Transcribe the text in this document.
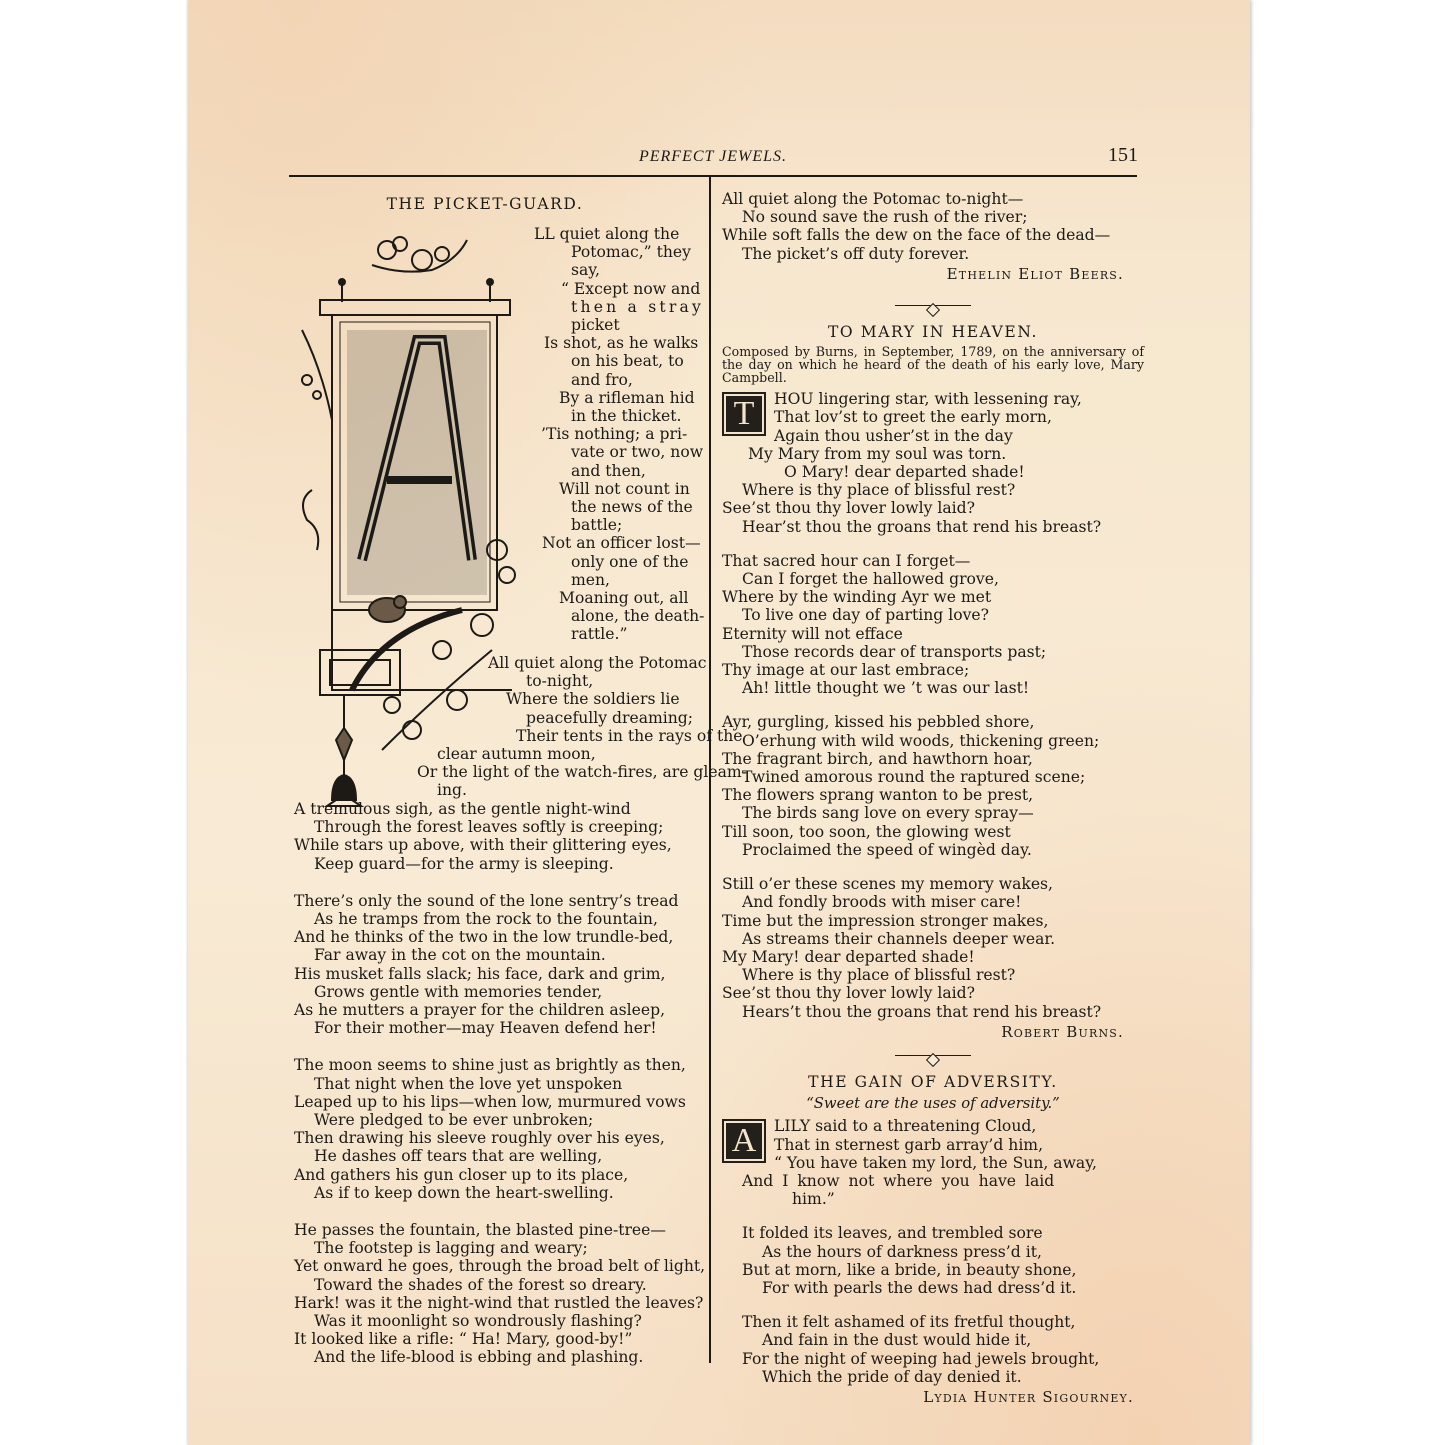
PERFECT JEWELS.	151
THE PICKET-GUARD.
LL quiet along the
Potomac,” they
say,
“ Except now and
then a stray
picket
Is shot, as he walks
on his beat, to
and fro,
By a rifleman hid
in the thicket.
’Tis nothing; a pri-
vate or two, now
and then,
Will not count in
the news of the
battle;
Not an officer lost—
only one of the
men,
Moaning out, all
alone, the death-
rattle.”
All quiet along the Potomac
to-night,
Where the soldiers lie
peacefully dreaming;
Their tents in the rays of the
clear autumn moon,
Or the light of the watch-fires, are gleam-
ing.
A tremulous sigh, as the gentle night-wind
Through the forest leaves softly is creeping;
While stars up above, with their glittering eyes,
Keep guard—for the army is sleeping.
There’s only the sound of the lone sentry’s tread
As he tramps from the rock to the fountain,
And he thinks of the two in the low trundle-bed,
Far away in the cot on the mountain.
His musket falls slack; his face, dark and grim,
Grows gentle with memories tender,
As he mutters a prayer for the children asleep,
For their mother—may Heaven defend her!
The moon seems to shine just as brightly as then,
That night when the love yet unspoken
Leaped up to his lips—when low, murmured vows
Were pledged to be ever unbroken;
Then drawing his sleeve roughly over his eyes,
He dashes off tears that are welling,
And gathers his gun closer up to its place,
As if to keep down the heart-swelling.
He passes the fountain, the blasted pine-tree—
The footstep is lagging and weary;
Yet onward he goes, through the broad belt of light,
Toward the shades of the forest so dreary.
Hark! was it the night-wind that rustled the leaves?
Was it moonlight so wondrously flashing?
It looked like a rifle: “ Ha! Mary, good-by!”
And the life-blood is ebbing and plashing.
All quiet along the Potomac to-night—
No sound save the rush of the river;
While soft falls the dew on the face of the dead—
The picket’s off duty forever.
Ethelin Eliot Beers.
TO MARY IN HEAVEN.
Composed by Burns, in September, 1789, on the anniversary of the day on which he heard of the death of his early love, Mary Campbell.
T	HOU lingering star, with lessening ray,
That lov’st to greet the early morn,
Again thou usher’st in the day
My Mary from my soul was torn.
O Mary! dear departed shade!
Where is thy place of blissful rest?
See’st thou thy lover lowly laid?
Hear’st thou the groans that rend his breast?
That sacred hour can I forget—
Can I forget the hallowed grove,
Where by the winding Ayr we met
To live one day of parting love?
Eternity will not efface
Those records dear of transports past;
Thy image at our last embrace;
Ah! little thought we ’t was our last!
Ayr, gurgling, kissed his pebbled shore,
O’erhung with wild woods, thickening green;
The fragrant birch, and hawthorn hoar,
Twined amorous round the raptured scene;
The flowers sprang wanton to be prest,
The birds sang love on every spray—
Till soon, too soon, the glowing west
Proclaimed the speed of wingèd day.
Still o’er these scenes my memory wakes,
And fondly broods with miser care!
Time but the impression stronger makes,
As streams their channels deeper wear.
My Mary! dear departed shade!
Where is thy place of blissful rest?
See’st thou thy lover lowly laid?
Hears’t thou the groans that rend his breast?
Robert Burns.
THE GAIN OF ADVERSITY.
“Sweet are the uses of adversity.”
A	LILY said to a threatening Cloud,
That in sternest garb array’d him,
“ You have taken my lord, the Sun, away,
And I know not where you have laid
him.”
It folded its leaves, and trembled sore
As the hours of darkness press’d it,
But at morn, like a bride, in beauty shone,
For with pearls the dews had dress’d it.
Then it felt ashamed of its fretful thought,
And fain in the dust would hide it,
For the night of weeping had jewels brought,
Which the pride of day denied it.
Lydia Hunter Sigourney.
